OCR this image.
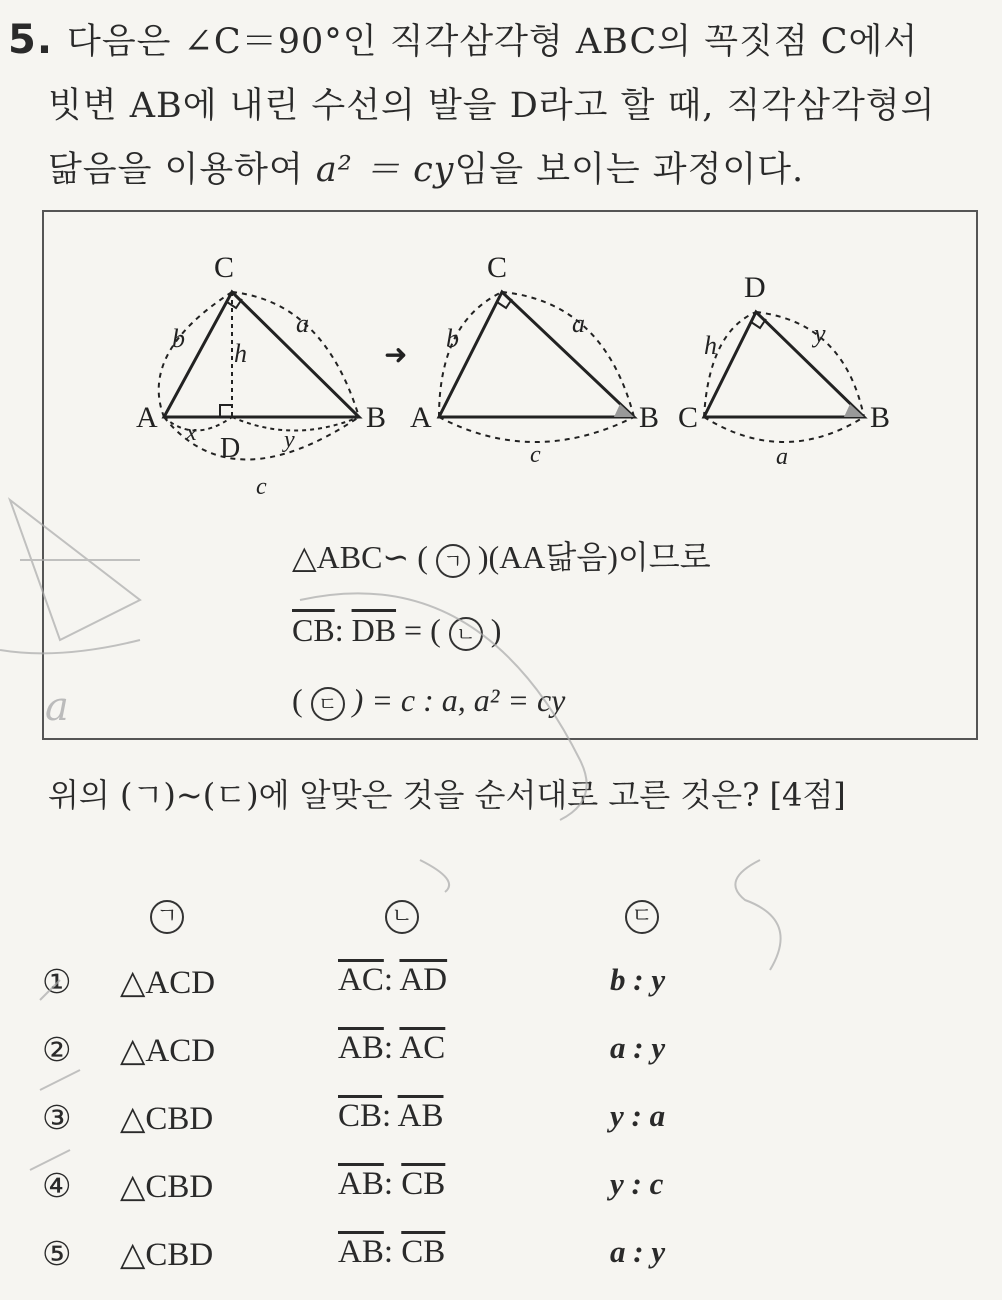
5. 다음은 ∠C＝90°인 직각삼각형 ABC의 꼭짓점 C에서
빗변 AB에 내린 수선의 발을 D라고 할 때, 직각삼각형의
닮음을 이용하여 a² ＝ cy임을 보이는 과정이다.
C
A	B
D
b
a
h
x	y
c
➜
C
A	B
b
a
c
D
C	B
h	y
a
△ABC∽ ( ㄱ )(AA닮음)이므로
$\overline{CB}$: $\overline{DB}$ = ( ㄴ )
( ㄷ ) = c : a, a² = cy
위의 (ㄱ)~(ㄷ)에 알맞은 것을 순서대로 고른 것은? [4점]
ㄱ	ㄴ	ㄷ
① △ACD	$\overline{AC}$: $\overline{AD}$	b : y
② △ACD	$\overline{AB}$: $\overline{AC}$	a : y
③ △CBD	$\overline{CB}$: $\overline{AB}$	y : a
④ △CBD	$\overline{AB}$: $\overline{CB}$	y : c
⑤ △CBD	$\overline{AB}$: $\overline{CB}$	a : y
a
